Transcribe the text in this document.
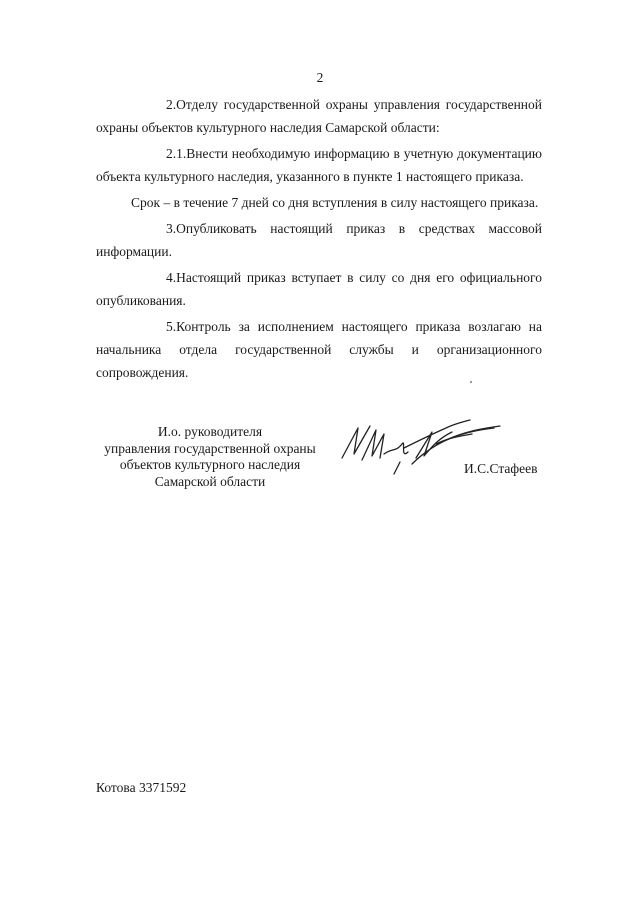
2

2.Отделу государственной охраны управления государственной охраны объектов культурного наследия Самарской области:

2.1.Внести необходимую информацию в учетную документацию объекта культурного наследия, указанного в пункте 1 настоящего приказа.

Срок – в течение 7 дней со дня вступления в силу настоящего приказа.

3.Опубликовать настоящий приказ в средствах массовой информации.

4.Настоящий приказ вступает в силу со дня его официального опубликования.

5.Контроль за исполнением настоящего приказа возлагаю на начальника отдела государственной службы и организационного сопровождения.

И.о. руководителя
управления государственной охраны
объектов культурного наследия
Самарской области
И.С.Стафеев
Котова 3371592
